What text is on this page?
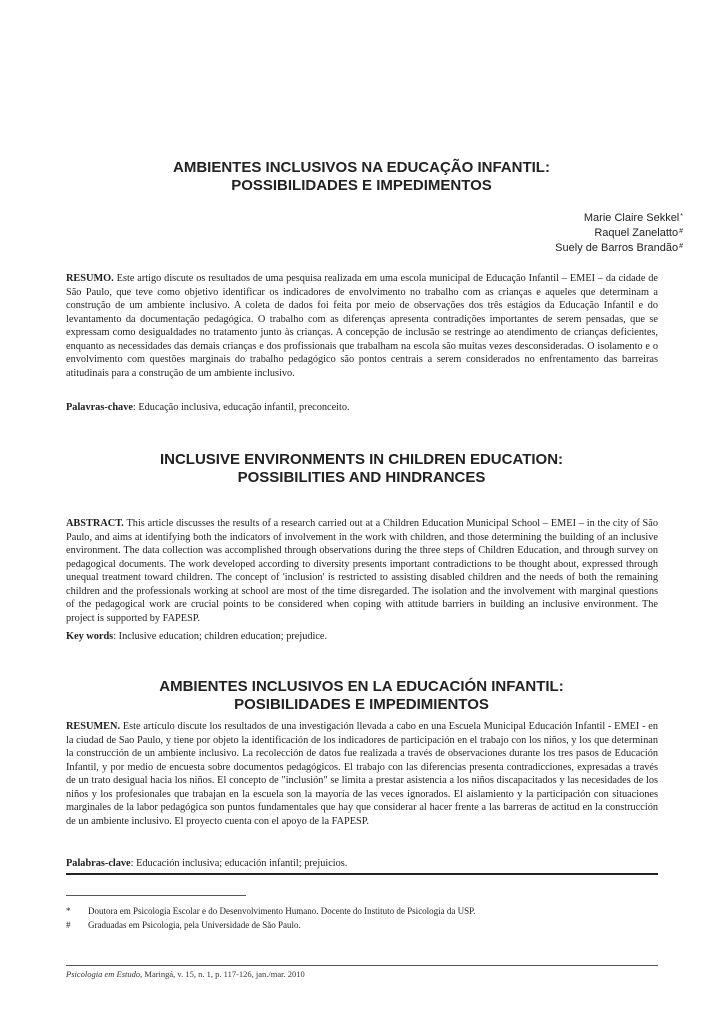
AMBIENTES INCLUSIVOS NA EDUCAÇÃO INFANTIL:
POSSIBILIDADES E IMPEDIMENTOS
Marie Claire Sekkel*
Raquel Zanelatto#
Suely de Barros Brandão#
RESUMO. Este artigo discute os resultados de uma pesquisa realizada em uma escola municipal de Educação Infantil – EMEI – da cidade de São Paulo, que teve como objetivo identificar os indicadores de envolvimento no trabalho com as crianças e aqueles que determinam a construção de um ambiente inclusivo. A coleta de dados foi feita por meio de observações dos três estágios da Educação Infantil e do levantamento da documentação pedagógica. O trabalho com as diferenças apresenta contradições importantes de serem pensadas, que se expressam como desigualdades no tratamento junto às crianças. A concepção de inclusão se restringe ao atendimento de crianças deficientes, enquanto as necessidades das demais crianças e dos profissionais que trabalham na escola são muitas vezes desconsideradas. O isolamento e o envolvimento com questões marginais do trabalho pedagógico são pontos centrais a serem considerados no enfrentamento das barreiras atitudinais para a construção de um ambiente inclusivo.
Palavras-chave: Educação inclusiva, educação infantil, preconceito.
INCLUSIVE ENVIRONMENTS IN CHILDREN EDUCATION:
POSSIBILITIES AND HINDRANCES
ABSTRACT. This article discusses the results of a research carried out at a Children Education Municipal School – EMEI – in the city of São Paulo, and aims at identifying both the indicators of involvement in the work with children, and those determining the building of an inclusive environment. The data collection was accomplished through observations during the three steps of Children Education, and through survey on pedagogical documents. The work developed according to diversity presents important contradictions to be thought about, expressed through unequal treatment toward children. The concept of 'inclusion' is restricted to assisting disabled children and the needs of both the remaining children and the professionals working at school are most of the time disregarded. The isolation and the involvement with marginal questions of the pedagogical work are crucial points to be considered when coping with attitude barriers in building an inclusive environment. The project is supported by FAPESP.
Key words: Inclusive education; children education; prejudice.
AMBIENTES INCLUSIVOS EN LA EDUCACIÓN INFANTIL:
POSIBILIDADES E IMPEDIMIENTOS
RESUMEN. Este artículo discute los resultados de una investigación llevada a cabo en una Escuela Municipal Educación Infantil - EMEI - en la ciudad de Sao Paulo, y tiene por objeto la identificación de los indicadores de participación en el trabajo con los niños, y los que determinan la construcción de un ambiente inclusivo. La recolección de datos fue realizada a través de observaciones durante los tres pasos de Educación Infantil, y por medio de encuesta sobre documentos pedagógicos. El trabajo con las diferencias presenta contradicciones, expresadas a través de un trato desigual hacia los niños. El concepto de "inclusión" se limita a prestar asistencia a los niños discapacitados y las necesidades de los niños y los profesionales que trabajan en la escuela son la mayoría de las veces ignorados. El aislamiento y la participación con situaciones marginales de la labor pedagógica son puntos fundamentales que hay que considerar al hacer frente a las barreras de actitud en la construcción de un ambiente inclusivo. El proyecto cuenta con el apoyo de la FAPESP.
Palabras-clave: Educación inclusiva; educación infantil; prejuicios.
* Doutora em Psicologia Escolar e do Desenvolvimento Humano. Docente do Instituto de Psicologia da USP.
# Graduadas em Psicologia, pela Universidade de São Paulo.
Psicologia em Estudo, Maringá, v. 15, n. 1, p. 117-126, jan./mar. 2010
